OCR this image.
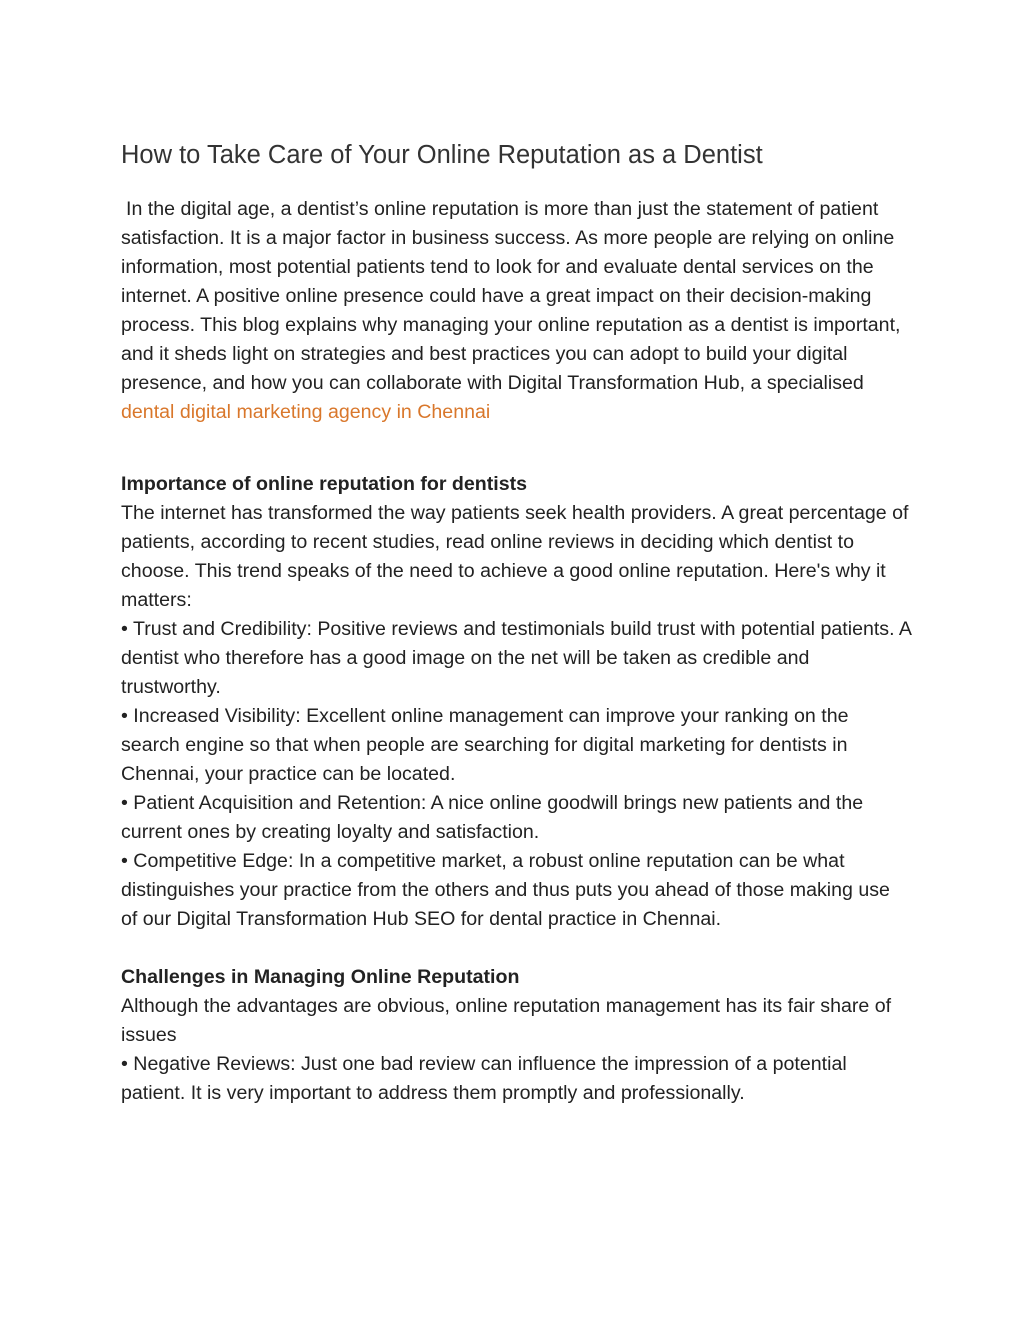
How to Take Care of Your Online Reputation as a Dentist

In the digital age, a dentist’s online reputation is more than just the statement of patient satisfaction. It is a major factor in business success. As more people are relying on online information, most potential patients tend to look for and evaluate dental services on the internet. A positive online presence could have a great impact on their decision-making process. This blog explains why managing your online reputation as a dentist is important, and it sheds light on strategies and best practices you can adopt to build your digital presence, and how you can collaborate with Digital Transformation Hub, a specialised dental digital marketing agency in Chennai

Importance of online reputation for dentists

The internet has transformed the way patients seek health providers. A great percentage of patients, according to recent studies, read online reviews in deciding which dentist to choose. This trend speaks of the need to achieve a good online reputation. Here's why it matters:

• Trust and Credibility: Positive reviews and testimonials build trust with potential patients. A dentist who therefore has a good image on the net will be taken as credible and trustworthy.

• Increased Visibility: Excellent online management can improve your ranking on the search engine so that when people are searching for digital marketing for dentists in Chennai, your practice can be located.

• Patient Acquisition and Retention: A nice online goodwill brings new patients and the current ones by creating loyalty and satisfaction.

• Competitive Edge: In a competitive market, a robust online reputation can be what distinguishes your practice from the others and thus puts you ahead of those making use of our Digital Transformation Hub SEO for dental practice in Chennai.

Challenges in Managing Online Reputation

Although the advantages are obvious, online reputation management has its fair share of issues

• Negative Reviews: Just one bad review can influence the impression of a potential patient. It is very important to address them promptly and professionally.
